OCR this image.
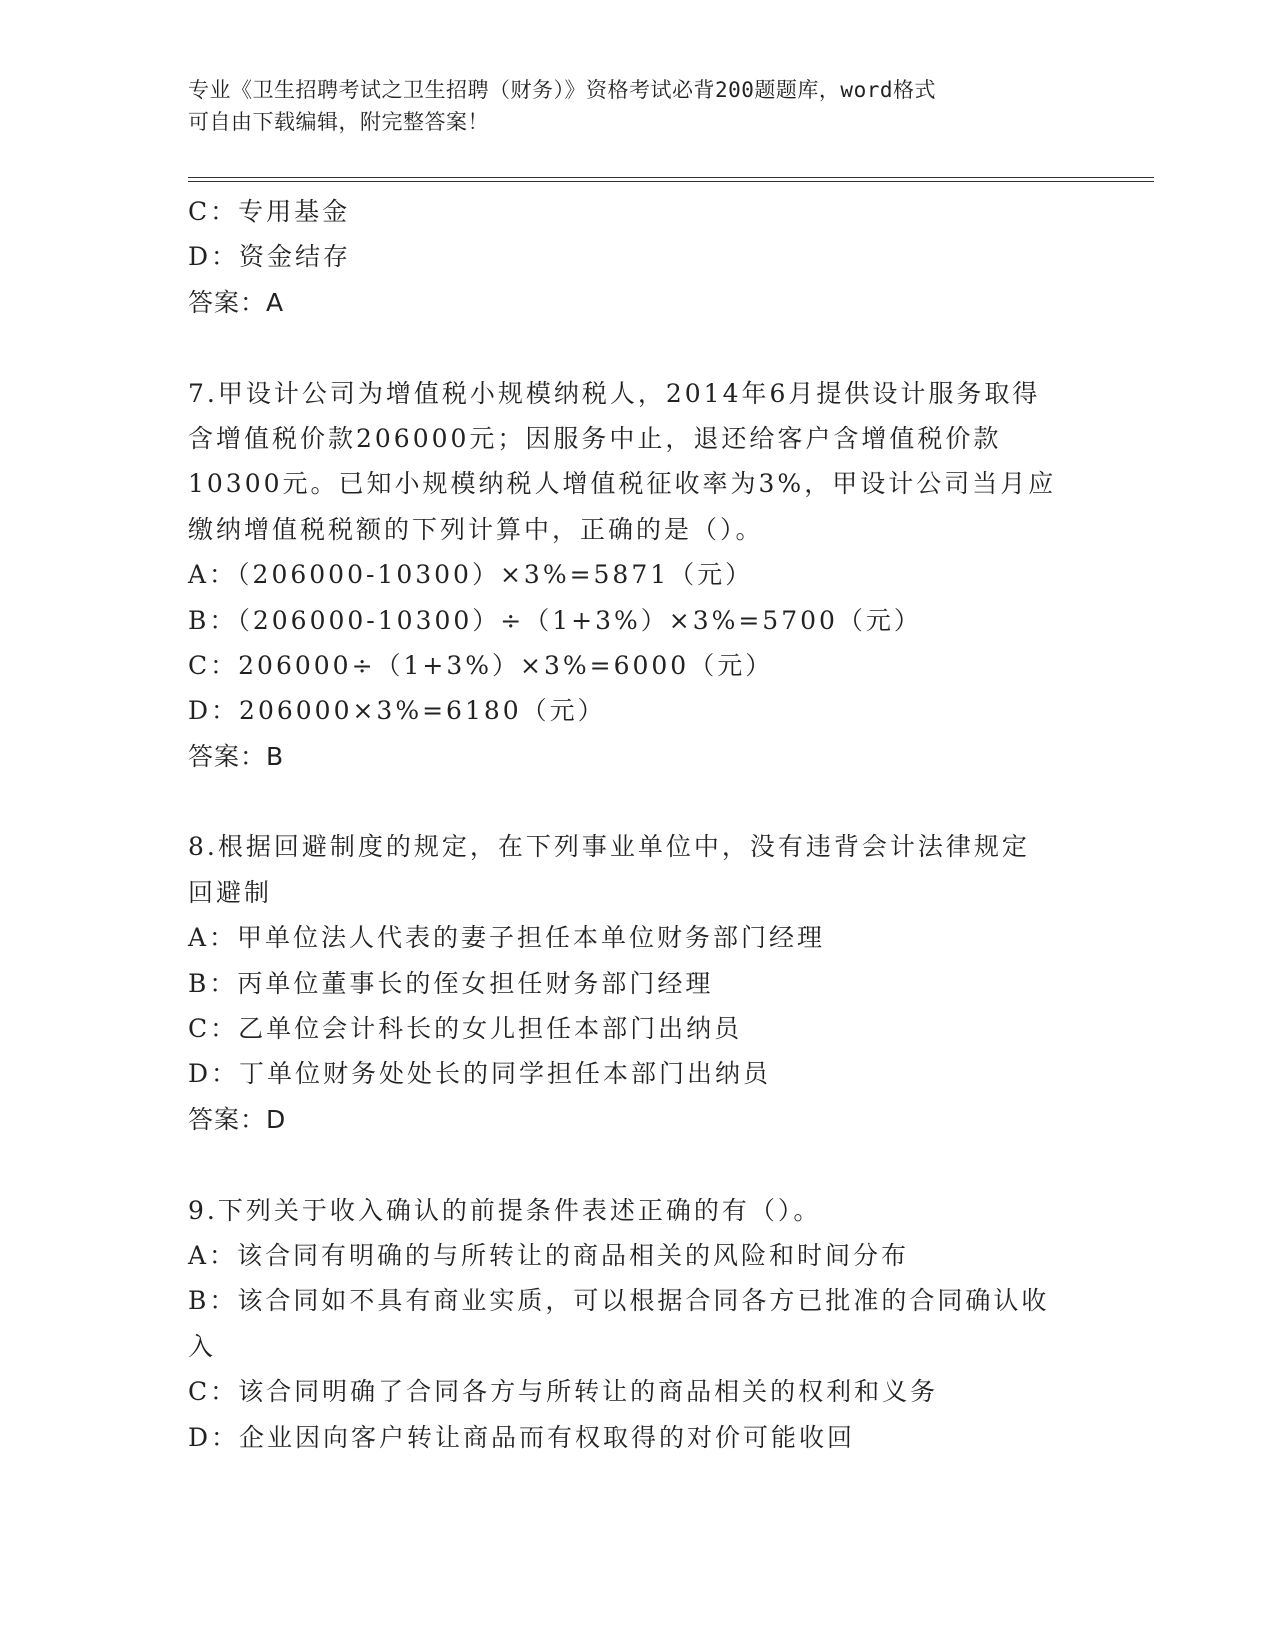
专业《卫生招聘考试之卫生招聘（财务）》资格考试必背200题题库，word格式
可自由下载编辑，附完整答案！
C：专用基金
D：资金结存
答案：A
7.甲设计公司为增值税小规模纳税人，2014年6月提供设计服务取得
含增值税价款206000元；因服务中止，退还给客户含增值税价款
10300元。已知小规模纳税人增值税征收率为3%，甲设计公司当月应
缴纳增值税税额的下列计算中，正确的是（）。
A：（206000-10300）×3%=5871（元）
B：（206000-10300）÷（1+3%）×3%=5700（元）
C：206000÷（1+3%）×3%=6000（元）
D：206000×3%=6180（元）
答案：B
8.根据回避制度的规定，在下列事业单位中，没有违背会计法律规定
回避制
A：甲单位法人代表的妻子担任本单位财务部门经理
B：丙单位董事长的侄女担任财务部门经理
C：乙单位会计科长的女儿担任本部门出纳员
D：丁单位财务处处长的同学担任本部门出纳员
答案：D
9.下列关于收入确认的前提条件表述正确的有（）。
A：该合同有明确的与所转让的商品相关的风险和时间分布
B：该合同如不具有商业实质，可以根据合同各方已批准的合同确认收
入
C：该合同明确了合同各方与所转让的商品相关的权利和义务
D：企业因向客户转让商品而有权取得的对价可能收回
